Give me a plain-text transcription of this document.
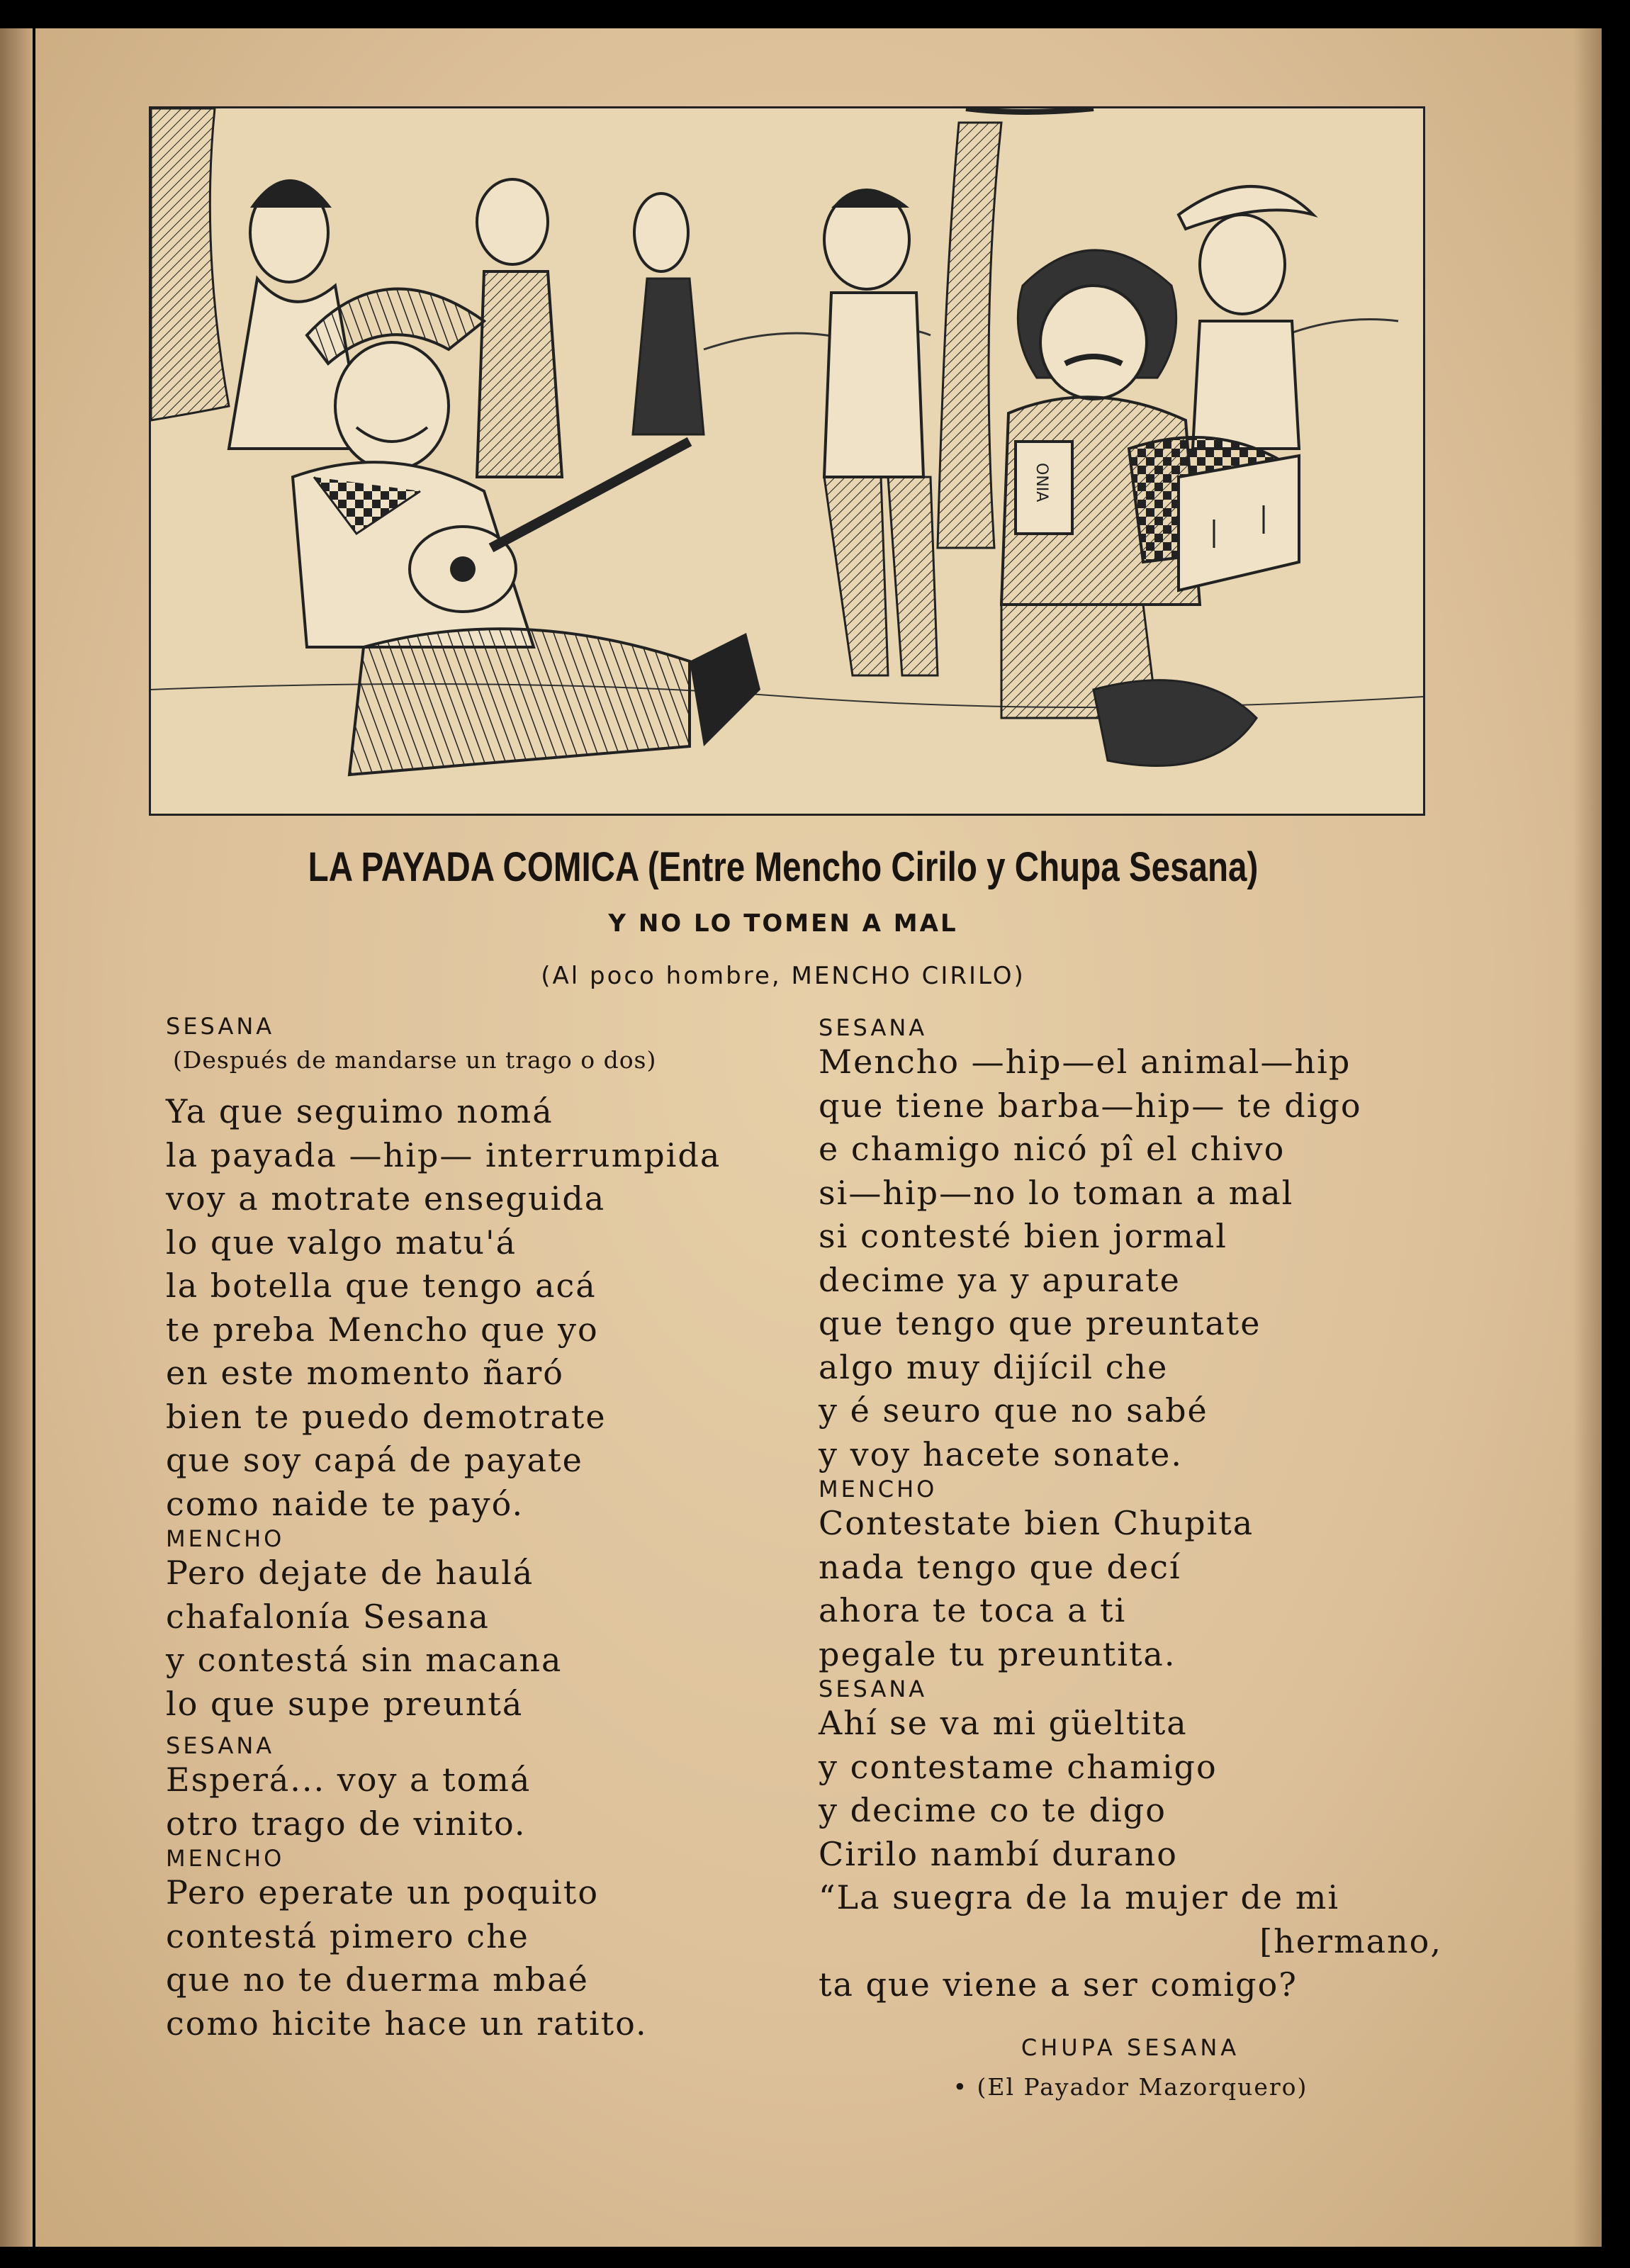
ONIA
LA PAYADA COMICA (Entre Mencho Cirilo y Chupa Sesana)
Y NO LO TOMEN A MAL
(Al poco hombre, MENCHO CIRILO)

SESANA

(Después de mandarse un trago o dos)

Ya que seguimo nomá
la payada —hip— interrumpida
voy a motrate enseguida
lo que valgo matu'á
la botella que tengo acá
te preba Mencho que yo
en este momento ñaró
bien te puedo demotrate
que soy capá de payate
como naide te payó.

MENCHO

Pero dejate de haulá
chafalonía Sesana
y contestá sin macana
lo que supe preuntá

SESANA

Esperá... voy a tomá
otro trago de vinito.

MENCHO

Pero eperate un poquito
contestá pimero che
que no te duerma mbaé
como hicite hace un ratito.

SESANA

Mencho —hip—el animal—hip
que tiene barba—hip— te digo
e chamigo nicó pî el chivo
si—hip—no lo toman a mal
si contesté bien jormal
decime ya y apurate
que tengo que preuntate
algo muy dijícil che
y é seuro que no sabé
y voy hacete sonate.

MENCHO

Contestate bien Chupita
nada tengo que decí
ahora te toca a ti
pegale tu preuntita.

SESANA

Ahí se va mi güeltita
y contestame chamigo
y decime co te digo
Cirilo nambí durano
“La suegra de la mujer de mi
[hermano,
ta que viene a ser comigo?
CHUPA SESANA
• (El Payador Mazorquero)
